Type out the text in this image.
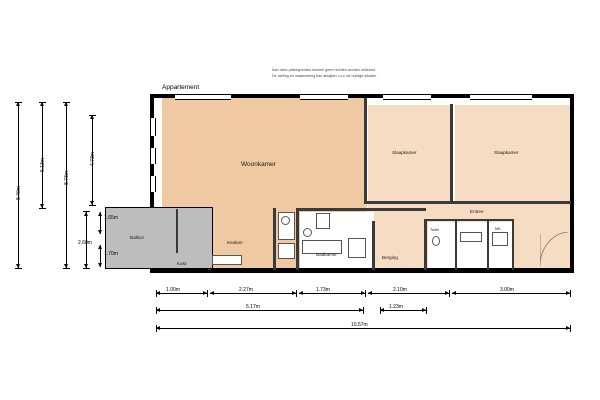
Aan deze plattegronden kunnen geen rechten worden ontleend.
De meting en maatvoering kan afwijken t.o.v. de huidige situatie.
Appartement
Woonkamer
Slaapkamer	Slaapkamer
Entree
Keuken
Badkamer
Berging
Balkon
Kast
Toilet	MK
1.00m	2.27m	1.73m	2.10m	3.00m
5.17m	1.23m
10.57m
8.40m
5.13m
8.73m
4.73m
1.65m
2.60m
1.70m
